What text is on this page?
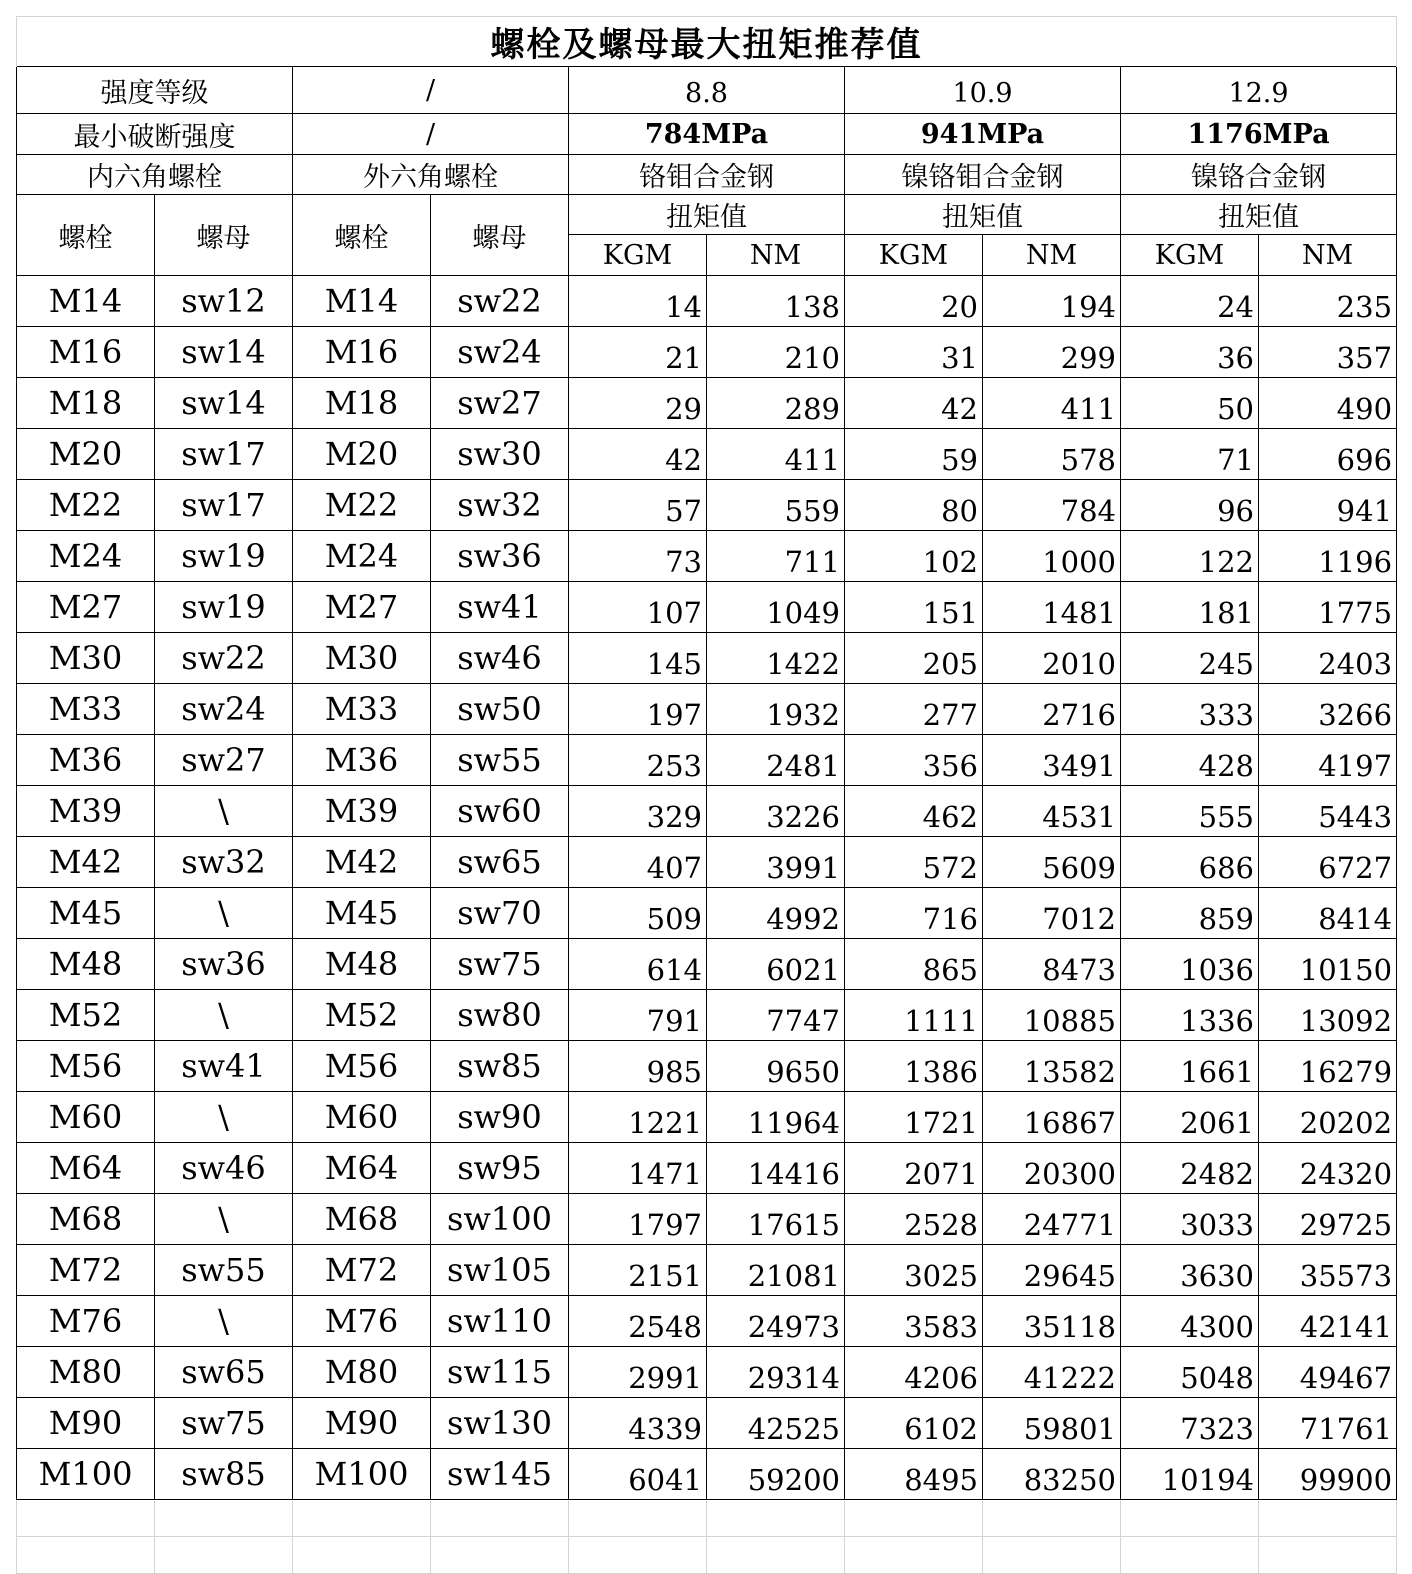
螺栓及螺母最大扭矩推荐值									
强度等级		/		8.8		10.9		12.9	
最小破断强度		/		784MPa		941MPa		1176MPa	
内六角螺栓		外六角螺栓		铬钼合金钢		镍铬钼合金钢		镍铬合金钢	
螺栓	螺母	螺栓	螺母	扭矩值		扭矩值		扭矩值	
				KGM	NM	KGM	NM	KGM	NM
M14	sw12	M14	sw22	14	138	20	194	24	235
M16	sw14	M16	sw24	21	210	31	299	36	357
M18	sw14	M18	sw27	29	289	42	411	50	490
M20	sw17	M20	sw30	42	411	59	578	71	696
M22	sw17	M22	sw32	57	559	80	784	96	941
M24	sw19	M24	sw36	73	711	102	1000	122	1196
M27	sw19	M27	sw41	107	1049	151	1481	181	1775
M30	sw22	M30	sw46	145	1422	205	2010	245	2403
M33	sw24	M33	sw50	197	1932	277	2716	333	3266
M36	sw27	M36	sw55	253	2481	356	3491	428	4197
M39	\	M39	sw60	329	3226	462	4531	555	5443
M42	sw32	M42	sw65	407	3991	572	5609	686	6727
M45	\	M45	sw70	509	4992	716	7012	859	8414
M48	sw36	M48	sw75	614	6021	865	8473	1036	10150
M52	\	M52	sw80	791	7747	1111	10885	1336	13092
M56	sw41	M56	sw85	985	9650	1386	13582	1661	16279
M60	\	M60	sw90	1221	11964	1721	16867	2061	20202
M64	sw46	M64	sw95	1471	14416	2071	20300	2482	24320
M68	\	M68	sw100	1797	17615	2528	24771	3033	29725
M72	sw55	M72	sw105	2151	21081	3025	29645	3630	35573
M76	\	M76	sw110	2548	24973	3583	35118	4300	42141
M80	sw65	M80	sw115	2991	29314	4206	41222	5048	49467
M90	sw75	M90	sw130	4339	42525	6102	59801	7323	71761
M100	sw85	M100	sw145	6041	59200	8495	83250	10194	99900
